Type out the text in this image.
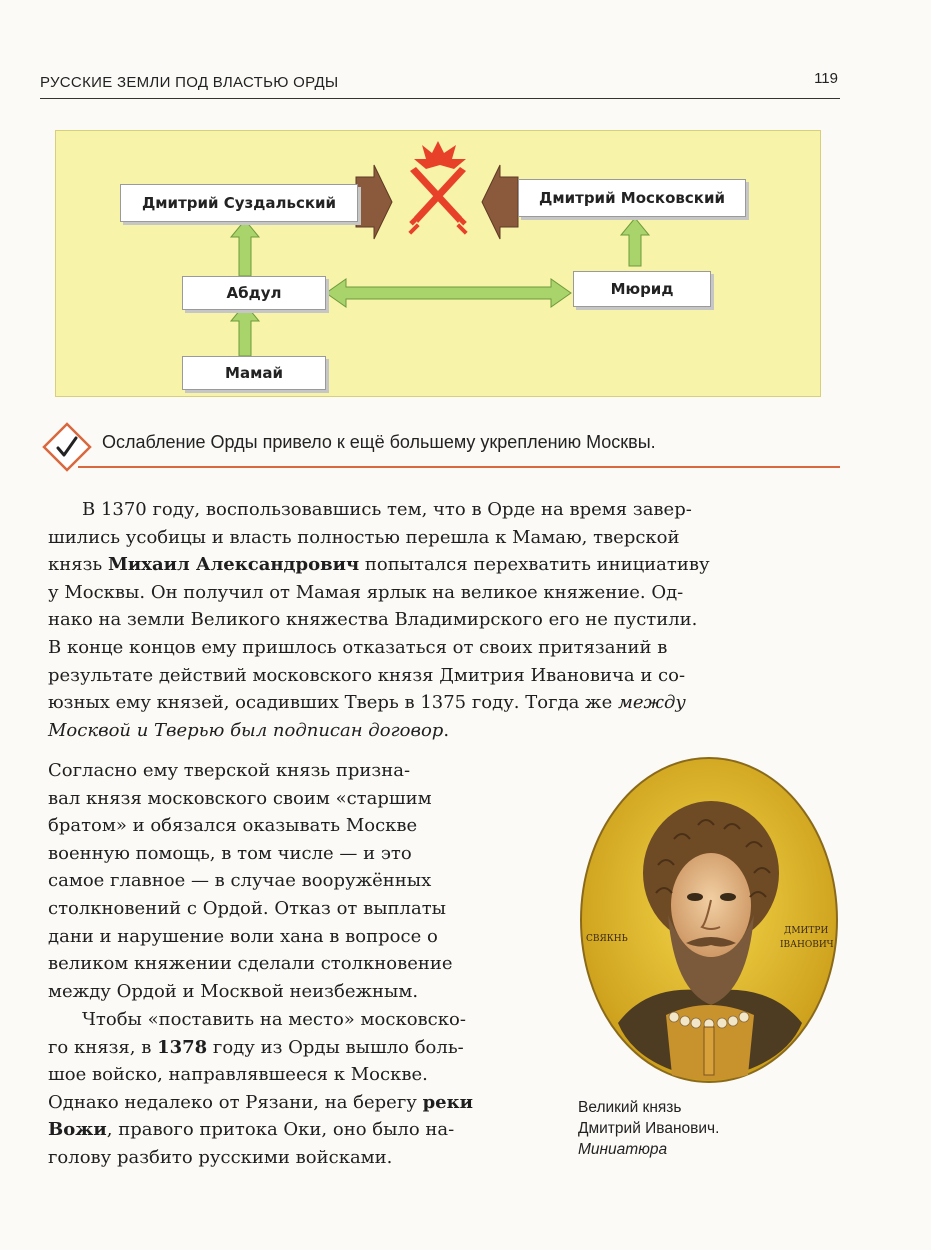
РУССКИЕ ЗЕМЛИ ПОД ВЛАСТЬЮ ОРДЫ	119
Дмитрий Суздальский	Дмитрий Московский
Абдул	Мюрид
Мамай
Ослабление Орды привело к ещё большему укреплению Москвы.

В 1370 году, воспользовавшись тем, что в Орде на время завер-
шились усобицы и власть полностью перешла к Мамаю, тверской
князь Михаил Александрович попытался перехватить инициативу
у Москвы. Он получил от Мамая ярлык на великое княжение. Од-
нако на земли Великого княжества Владимирского его не пустили.
В конце концов ему пришлось отказаться от своих притязаний в
результате действий московского князя Дмитрия Ивановича и со-
юзных ему князей, осадивших Тверь в 1375 году. Тогда же между
Москвой и Тверью был подписан договор.

Согласно ему тверской князь призна-
вал князя московского своим «старшим
братом» и обязался оказывать Москве
военную помощь, в том числе — и это
самое главное — в случае вооружённых
столкновений с Ордой. Отказ от выплаты
дани и нарушение воли хана в вопросе о
великом княжении сделали столкновение
между Ордой и Москвой неизбежным.

Чтобы «поставить на место» московско-
го князя, в 1378 году из Орды вышло боль-
шое войско, направлявшееся к Москве.
Однако недалеко от Рязани, на берегу реки
Вожи, правого притока Оки, оно было на-
голову разбито русскими войсками.

СВЯКНЬ
ДМИТРИ
ІВАНОВИЧ
Великий князь
Дмитрий Иванович.
Миниатюра
